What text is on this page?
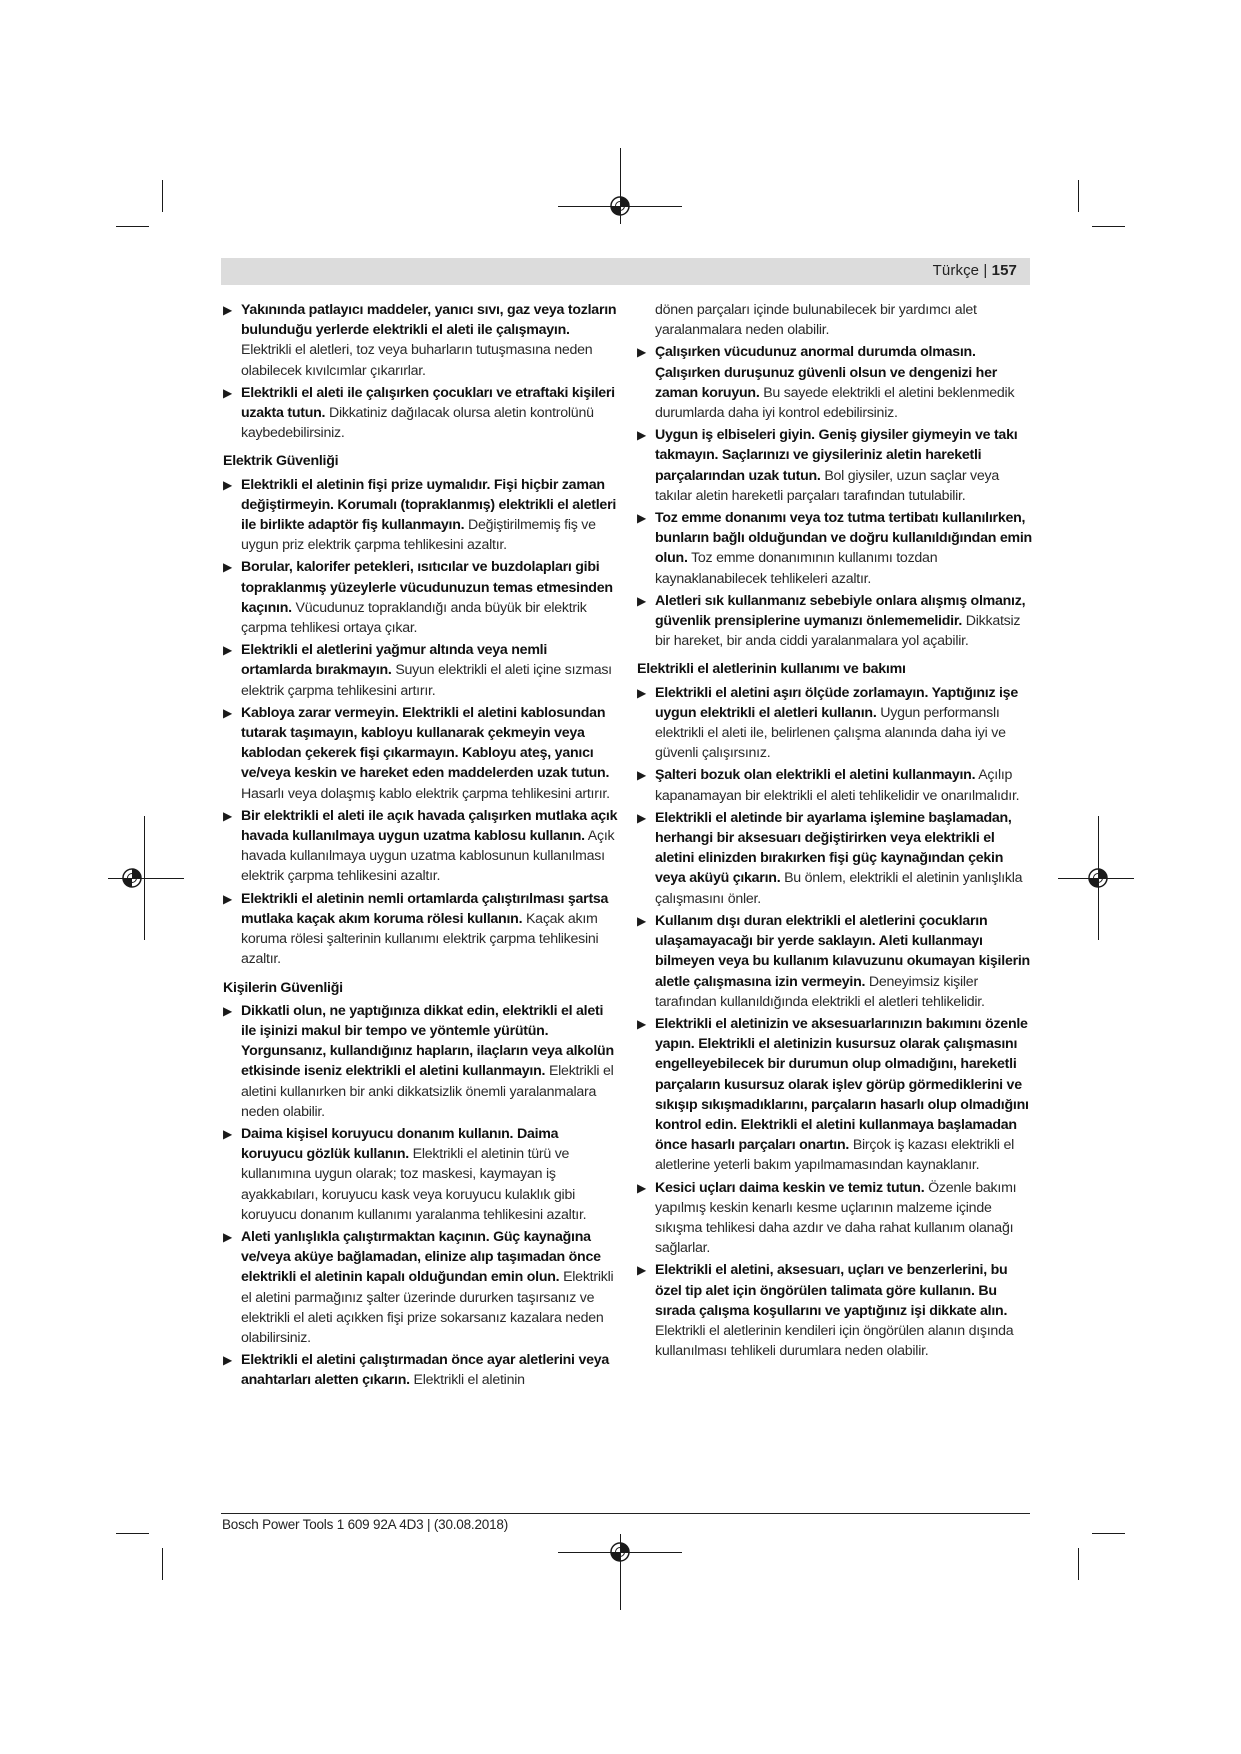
Türkçe | 157
▶ Yakınında patlayıcı maddeler, yanıcı sıvı, gaz veya tozların bulunduğu yerlerde elektrikli el aleti ile çalışmayın. Elektrikli el aletleri, toz veya buharların tutuşmasına neden olabilecek kıvılcımlar çıkarırlar.
▶ Elektrikli el aleti ile çalışırken çocukları ve etraftaki kişileri uzakta tutun. Dikkatiniz dağılacak olursa aletin kontrolünü kaybedebilirsiniz.
Elektrik Güvenliği
▶ Elektrikli el aletinin fişi prize uymalıdır. Fişi hiçbir zaman değiştirmeyin. Korumalı (topraklanmış) elektrikli el aletleri ile birlikte adaptör fiş kullanmayın. Değiştirilmemiş fiş ve uygun priz elektrik çarpma tehlikesini azaltır.
▶ Borular, kalorifer petekleri, ısıtıcılar ve buzdolapları gibi topraklanmış yüzeylerle vücudunuzun temas etmesinden kaçının. Vücudunuz topraklandığı anda büyük bir elektrik çarpma tehlikesi ortaya çıkar.
▶ Elektrikli el aletlerini yağmur altında veya nemli ortamlarda bırakmayın. Suyun elektrikli el aleti içine sızması elektrik çarpma tehlikesini artırır.
▶ Kabloya zarar vermeyin. Elektrikli el aletini kablosundan tutarak taşımayın, kabloyu kullanarak çekmeyin veya kablodan çekerek fişi çıkarmayın. Kabloyu ateş, yanıcı ve/veya keskin ve hareket eden maddelerden uzak tutun. Hasarlı veya dolaşmış kablo elektrik çarpma tehlikesini artırır.
▶ Bir elektrikli el aleti ile açık havada çalışırken mutlaka açık havada kullanılmaya uygun uzatma kablosu kullanın. Açık havada kullanılmaya uygun uzatma kablosunun kullanılması elektrik çarpma tehlikesini azaltır.
▶ Elektrikli el aletinin nemli ortamlarda çalıştırılması şartsa mutlaka kaçak akım koruma rölesi kullanın. Kaçak akım koruma rölesi şalterinin kullanımı elektrik çarpma tehlikesini azaltır.
Kişilerin Güvenliği
▶ Dikkatli olun, ne yaptığınıza dikkat edin, elektrikli el aleti ile işinizi makul bir tempo ve yöntemle yürütün. Yorgunsanız, kullandığınız hapların, ilaçların veya alkolün etkisinde iseniz elektrikli el aletini kullanmayın. Elektrikli el aletini kullanırken bir anki dikkatsizlik önemli yaralanmalara neden olabilir.
▶ Daima kişisel koruyucu donanım kullanın. Daima koruyucu gözlük kullanın. Elektrikli el aletinin türü ve kullanımına uygun olarak; toz maskesi, kaymayan iş ayakkabıları, koruyucu kask veya koruyucu kulaklık gibi koruyucu donanım kullanımı yaralanma tehlikesini azaltır.
▶ Aleti yanlışlıkla çalıştırmaktan kaçının. Güç kaynağına ve/veya aküye bağlamadan, elinize alıp taşımadan önce elektrikli el aletinin kapalı olduğundan emin olun. Elektrikli el aletini parmağınız şalter üzerinde dururken taşırsanız ve elektrikli el aleti açıkken fişi prize sokarsanız kazalara neden olabilirsiniz.
▶ Elektrikli el aletini çalıştırmadan önce ayar aletlerini veya anahtarları aletten çıkarın. Elektrikli el aletinin
dönen parçaları içinde bulunabilecek bir yardımcı alet yaralanmalara neden olabilir.
▶ Çalışırken vücudunuz anormal durumda olmasın. Çalışırken duruşunuz güvenli olsun ve dengenizi her zaman koruyun. Bu sayede elektrikli el aletini beklenmedik durumlarda daha iyi kontrol edebilirsiniz.
▶ Uygun iş elbiseleri giyin. Geniş giysiler giymeyin ve takı takmayın. Saçlarınızı ve giysileriniz aletin hareketli parçalarından uzak tutun. Bol giysiler, uzun saçlar veya takılar aletin hareketli parçaları tarafından tutulabilir.
▶ Toz emme donanımı veya toz tutma tertibatı kullanılırken, bunların bağlı olduğundan ve doğru kullanıldığından emin olun. Toz emme donanımının kullanımı tozdan kaynaklanabilecek tehlikeleri azaltır.
▶ Aletleri sık kullanmanız sebebiyle onlara alışmış olmanız, güvenlik prensiplerine uymanızı önlememelidir. Dikkatsiz bir hareket, bir anda ciddi yaralanmalara yol açabilir.
Elektrikli el aletlerinin kullanımı ve bakımı
▶ Elektrikli el aletini aşırı ölçüde zorlamayın. Yaptığınız işe uygun elektrikli el aletleri kullanın. Uygun performanslı elektrikli el aleti ile, belirlenen çalışma alanında daha iyi ve güvenli çalışırsınız.
▶ Şalteri bozuk olan elektrikli el aletini kullanmayın. Açılıp kapanamayan bir elektrikli el aleti tehlikelidir ve onarılmalıdır.
▶ Elektrikli el aletinde bir ayarlama işlemine başlamadan, herhangi bir aksesuarı değiştirirken veya elektrikli el aletini elinizden bırakırken fişi güç kaynağından çekin veya aküyü çıkarın. Bu önlem, elektrikli el aletinin yanlışlıkla çalışmasını önler.
▶ Kullanım dışı duran elektrikli el aletlerini çocukların ulaşamayacağı bir yerde saklayın. Aleti kullanmayı bilmeyen veya bu kullanım kılavuzunu okumayan kişilerin aletle çalışmasına izin vermeyin. Deneyimsiz kişiler tarafından kullanıldığında elektrikli el aletleri tehlikelidir.
▶ Elektrikli el aletinizin ve aksesuarlarınızın bakımını özenle yapın. Elektrikli el aletinizin kusursuz olarak çalışmasını engelleyebilecek bir durumun olup olmadığını, hareketli parçaların kusursuz olarak işlev görüp görmediklerini ve sıkışıp sıkışmadıklarını, parçaların hasarlı olup olmadığını kontrol edin. Elektrikli el aletini kullanmaya başlamadan önce hasarlı parçaları onartın. Birçok iş kazası elektrikli el aletlerine yeterli bakım yapılmamasından kaynaklanır.
▶ Kesici uçları daima keskin ve temiz tutun. Özenle bakımı yapılmış keskin kenarlı kesme uçlarının malzeme içinde sıkışma tehlikesi daha azdır ve daha rahat kullanım olanağı sağlarlar.
▶ Elektrikli el aletini, aksesuarı, uçları ve benzerlerini, bu özel tip alet için öngörülen talimata göre kullanın. Bu sırada çalışma koşullarını ve yaptığınız işi dikkate alın. Elektrikli el aletlerinin kendileri için öngörülen alanın dışında kullanılması tehlikeli durumlara neden olabilir.
Bosch Power Tools 1 609 92A 4D3 | (30.08.2018)
